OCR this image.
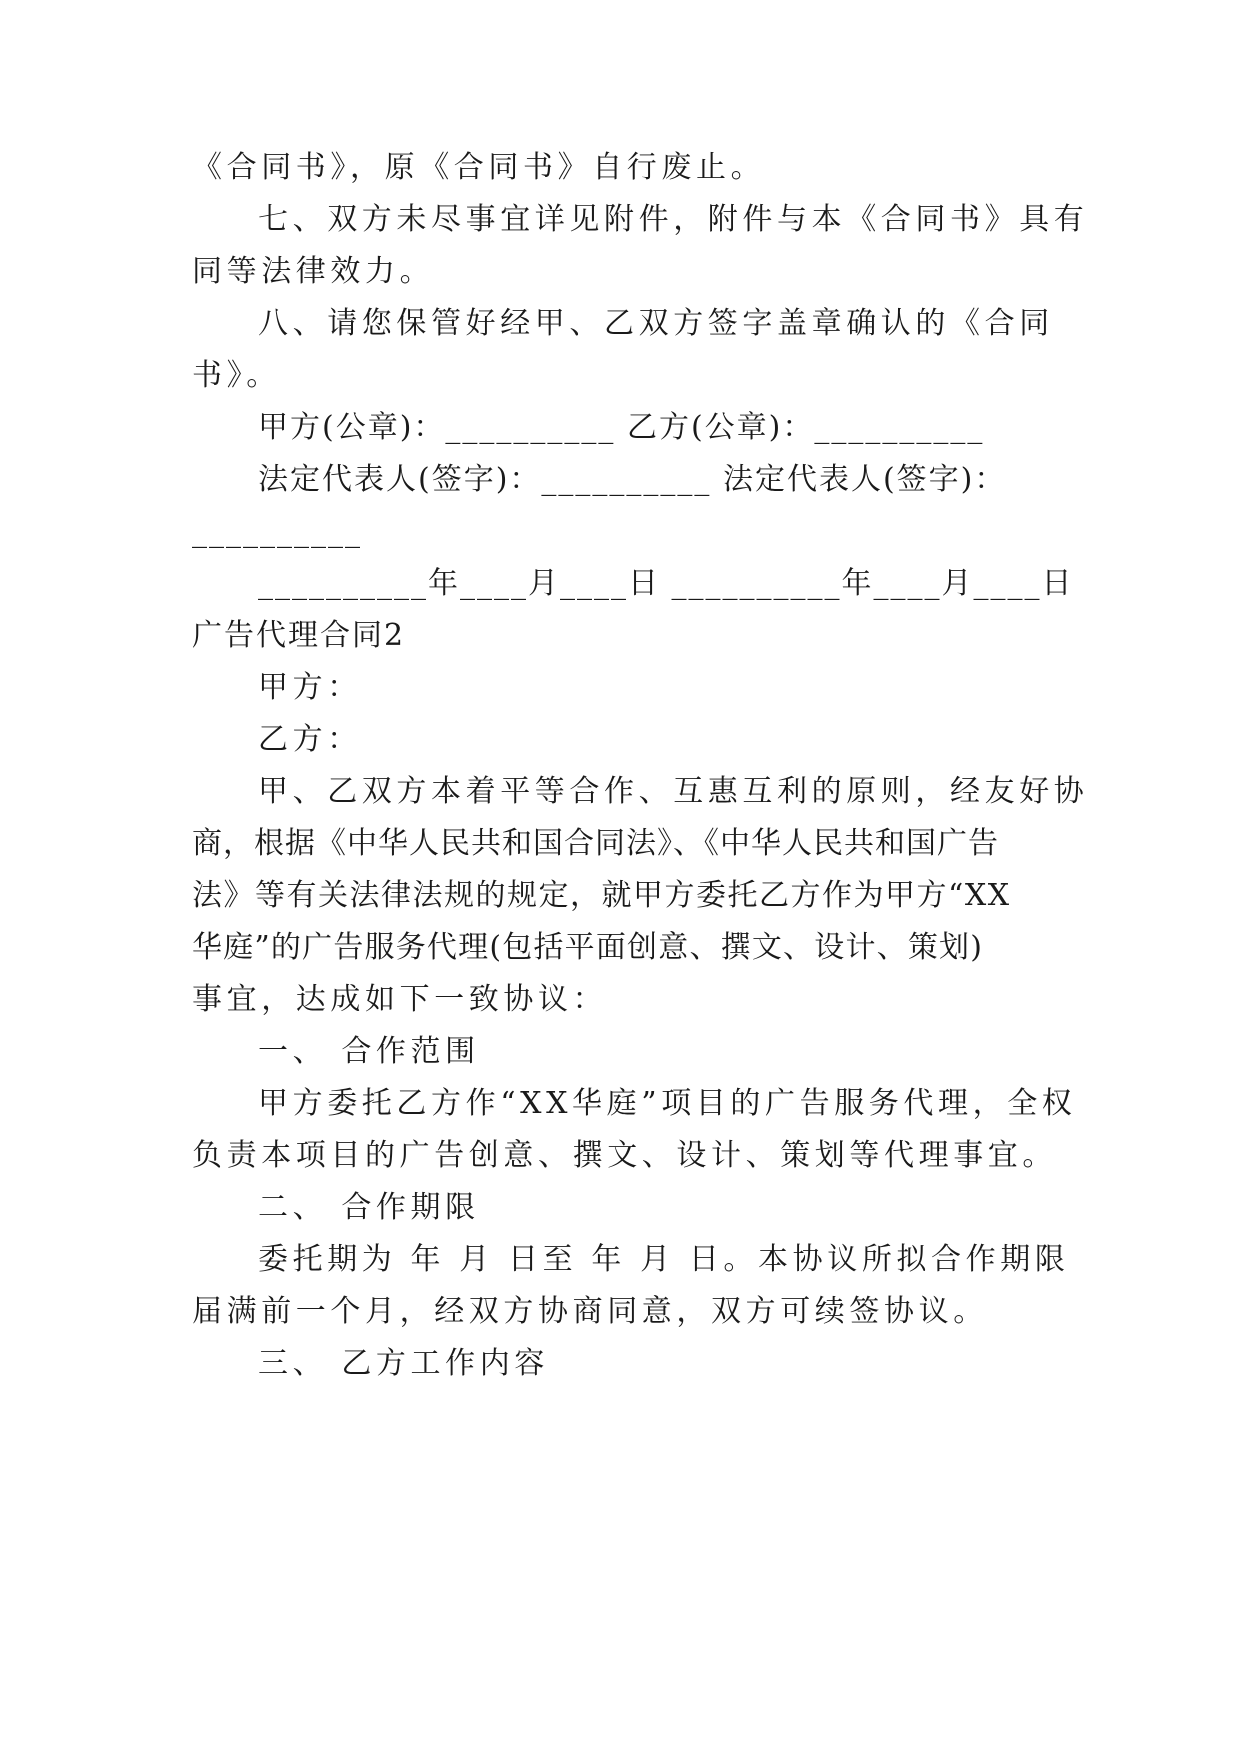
《合同书》，原《合同书》自行废止。
七、双方未尽事宜详见附件，附件与本《合同书》具有
同等法律效力。
八、请您保管好经甲、乙双方签字盖章确认的《合同
书》。
甲方(公章)：__________ 乙方(公章)：__________
法定代表人(签字)：__________ 法定代表人(签字)：
__________
__________年____月____日 __________年____月____日
广告代理合同2
甲方：
乙方：
甲、乙双方本着平等合作、互惠互利的原则，经友好协
商，根据《中华人民共和国合同法》、《中华人民共和国广告
法》等有关法律法规的规定，就甲方委托乙方作为甲方“XX
华庭”的广告服务代理(包括平面创意、撰文、设计、策划)
事宜，达成如下一致协议：
一、 合作范围
甲方委托乙方作“XX华庭”项目的广告服务代理，全权
负责本项目的广告创意、撰文、设计、策划等代理事宜。
二、 合作期限
委托期为 年 月 日至 年 月 日。本协议所拟合作期限
届满前一个月，经双方协商同意，双方可续签协议。
三、 乙方工作内容
